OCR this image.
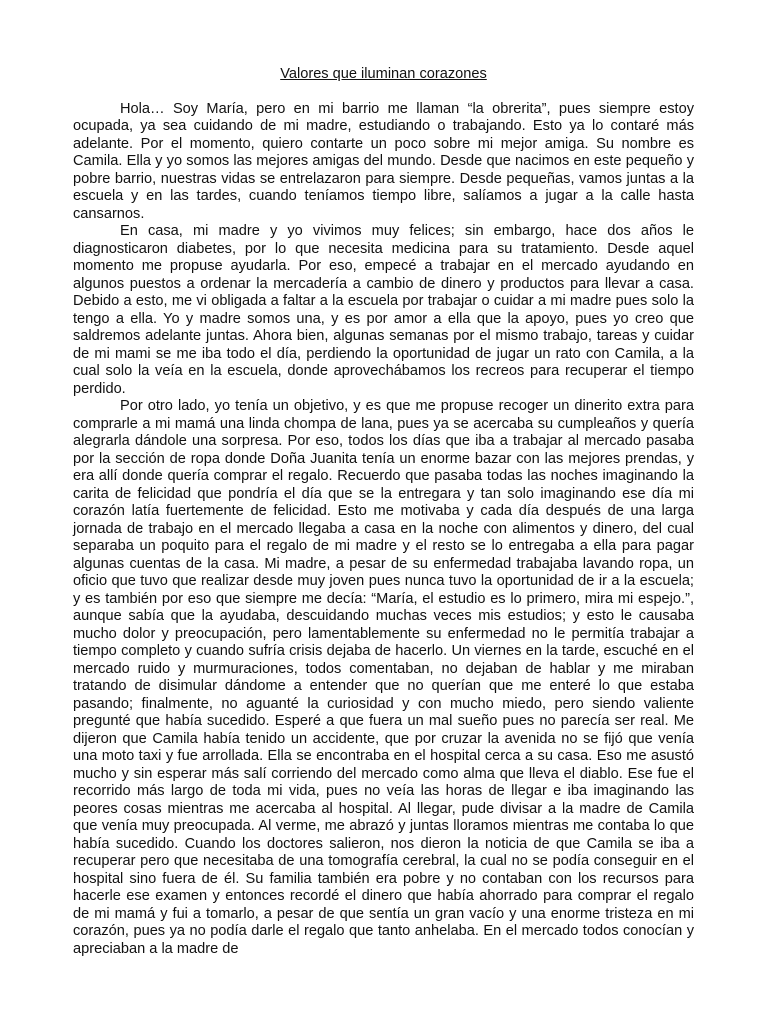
Valores que iluminan corazones

Hola… Soy María, pero en mi barrio me llaman “la obrerita”, pues siempre estoy ocupada, ya sea cuidando de mi madre, estudiando o trabajando. Esto ya lo contaré más adelante. Por el momento, quiero contarte un poco sobre mi mejor amiga. Su nombre es Camila. Ella y yo somos las mejores amigas del mundo. Desde que nacimos en este pequeño y pobre barrio, nuestras vidas se entrelazaron para siempre. Desde pequeñas, vamos juntas a la escuela y en las tardes, cuando teníamos tiempo libre, salíamos a jugar a la calle hasta cansarnos.

En casa, mi madre y yo vivimos muy felices; sin embargo, hace dos años le diagnosticaron diabetes, por lo que necesita medicina para su tratamiento. Desde aquel momento me propuse ayudarla. Por eso, empecé a trabajar en el mercado ayudando en algunos puestos a ordenar la mercadería a cambio de dinero y productos para llevar a casa. Debido a esto, me vi obligada a faltar a la escuela por trabajar o cuidar a mi madre pues solo la tengo a ella. Yo y madre somos una, y es por amor a ella que la apoyo, pues yo creo que saldremos adelante juntas. Ahora bien, algunas semanas por el mismo trabajo, tareas y cuidar de mi mami se me iba todo el día, perdiendo la oportunidad de jugar un rato con Camila, a la cual solo la veía en la escuela, donde aprovechábamos los recreos para recuperar el tiempo perdido.

Por otro lado, yo tenía un objetivo, y es que me propuse recoger un dinerito extra para comprarle a mi mamá una linda chompa de lana, pues ya se acercaba su cumpleaños y quería alegrarla dándole una sorpresa. Por eso, todos los días que iba a trabajar al mercado pasaba por la sección de ropa donde Doña Juanita tenía un enorme bazar con las mejores prendas, y era allí donde quería comprar el regalo. Recuerdo que pasaba todas las noches imaginando la carita de felicidad que pondría el día que se la entregara y tan solo imaginando ese día mi corazón latía fuertemente de felicidad. Esto me motivaba y cada día después de una larga jornada de trabajo en el mercado llegaba a casa en la noche con alimentos y dinero, del cual separaba un poquito para el regalo de mi madre y el resto se lo entregaba a ella para pagar algunas cuentas de la casa. Mi madre, a pesar de su enfermedad trabajaba lavando ropa, un oficio que tuvo que realizar desde muy joven pues nunca tuvo la oportunidad de ir a la escuela; y es también por eso que siempre me decía: “María, el estudio es lo primero, mira mi espejo.”, aunque sabía que la ayudaba, descuidando muchas veces mis estudios; y esto le causaba mucho dolor y preocupación, pero lamentablemente su enfermedad no le permitía trabajar a tiempo completo y cuando sufría crisis dejaba de hacerlo. Un viernes en la tarde, escuché en el mercado ruido y murmuraciones, todos comentaban, no dejaban de hablar y me miraban tratando de disimular dándome a entender que no querían que me enteré lo que estaba pasando; finalmente, no aguanté la curiosidad y con mucho miedo, pero siendo valiente pregunté que había sucedido. Esperé a que fuera un mal sueño pues no parecía ser real. Me dijeron que Camila había tenido un accidente, que por cruzar la avenida no se fijó que venía una moto taxi y fue arrollada. Ella se encontraba en el hospital cerca a su casa. Eso me asustó mucho y sin esperar más salí corriendo del mercado como alma que lleva el diablo. Ese fue el recorrido más largo de toda mi vida, pues no veía las horas de llegar e iba imaginando las peores cosas mientras me acercaba al hospital. Al llegar, pude divisar a la madre de Camila que venía muy preocupada. Al verme, me abrazó y juntas lloramos mientras me contaba lo que había sucedido. Cuando los doctores salieron, nos dieron la noticia de que Camila se iba a recuperar pero que necesitaba de una tomografía cerebral, la cual no se podía conseguir en el hospital sino fuera de él. Su familia también era pobre y no contaban con los recursos para hacerle ese examen y entonces recordé el dinero que había ahorrado para comprar el regalo de mi mamá y fui a tomarlo, a pesar de que sentía un gran vacío y una enorme tristeza en mi corazón, pues ya no podía darle el regalo que tanto anhelaba. En el mercado todos conocían y apreciaban a la madre de
